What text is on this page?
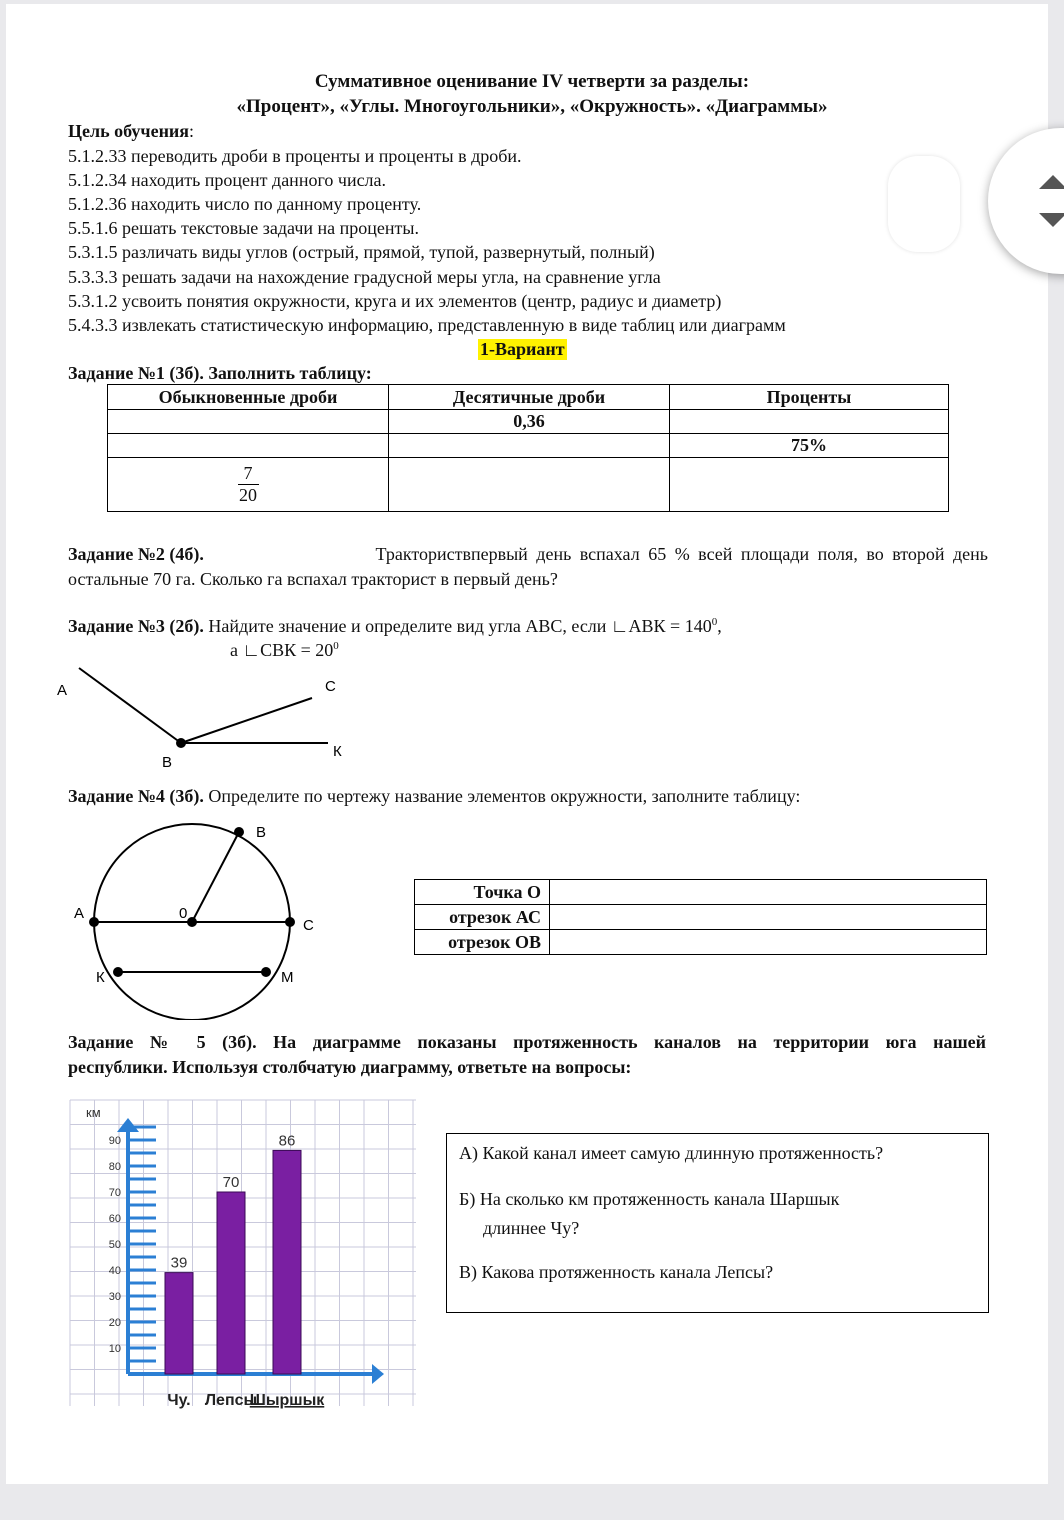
Суммативное оценивание IV четверти за разделы:
«Процент», «Углы. Многоугольники», «Окружность». «Диаграммы»
Цель обучения:
5.1.2.33 переводить дроби в проценты и проценты в дроби.
5.1.2.34 находить процент данного числа.
5.1.2.36 находить число по данному проценту.
5.5.1.6 решать текстовые задачи на проценты.
5.3.1.5 различать виды углов (острый, прямой, тупой, развернутый, полный)
5.3.3.3 решать задачи на нахождение градусной меры угла, на сравнение угла
5.3.1.2 усвоить понятия окружности, круга и их элементов (центр, радиус и диаметр)
5.4.3.3 извлекать статистическую информацию, представленную в виде таблиц или диаграмм
1-Вариант
Задание №1 (3б). Заполнить таблицу:
Обыкновенные дроби	Десятичные дроби	Проценты
	0,36	
		75%

$\frac{7}{20}$		
Задание №2 (4б).	Тракториствпервый день вспахал 65 % всей площади поля, во второй день
остальные 70 га. Сколько га вспахал тракторист в первый день?
Задание №3 (2б). Найдите значение и определите вид угла АВС, если ∟АВК = $140^0$,
а ∟СВК = $20^0$
А
В
С
К
Задание №4 (3б). Определите по чертежу название элементов окружности, заполните таблицу:
В
А	0
С
К	М
Точка О	
отрезок АС	
отрезок ОВ	
Задание № 5 (3б). На диаграмме показаны протяженность каналов на территории юга нашей
республики. Используя столбчатую диаграмму, ответьте на вопросы:
км
10
20
30
40
50
60
70
80
90
39
Чу.
70
Лепсы
86
Шыршык
А) Какой канал имеет самую длинную протяженность?
Б) На сколько км протяженность канала Шаршык
длиннее Чу?
В) Какова протяженность канала Лепсы?
